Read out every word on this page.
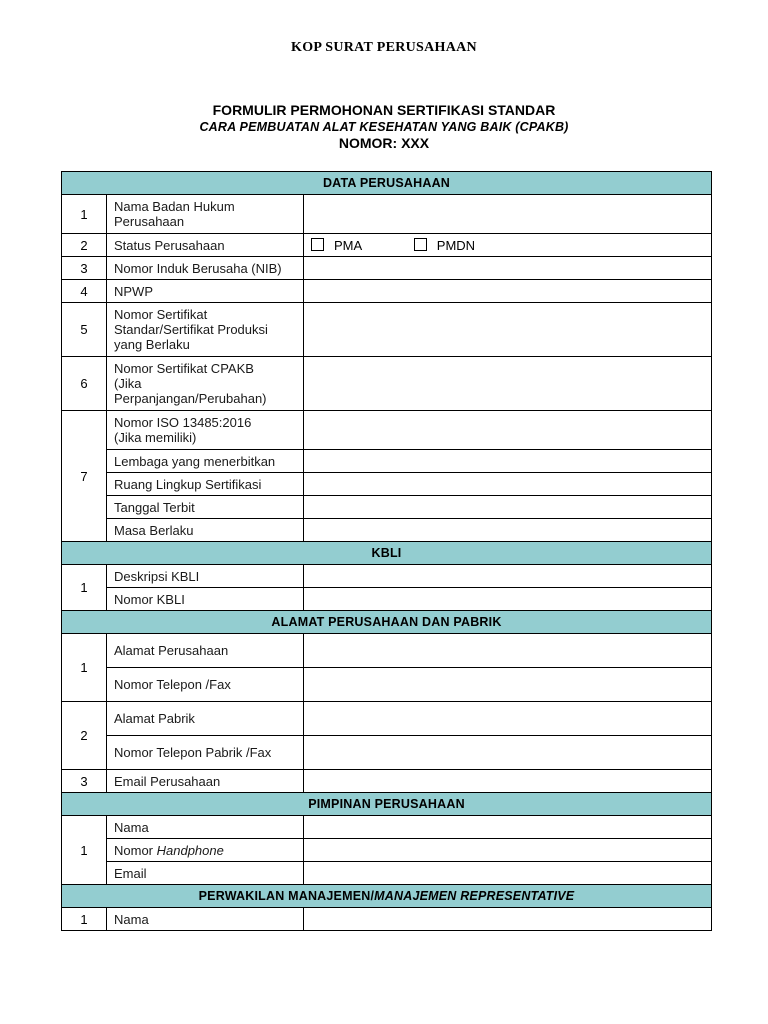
KOP SURAT PERUSAHAAN
FORMULIR PERMOHONAN SERTIFIKASI STANDAR
CARA PEMBUATAN ALAT KESEHATAN YANG BAIK (CPAKB)
NOMOR: XXX
DATA PERUSAHAAN		
1	Nama Badan Hukum
Perusahaan	
2	Status Perusahaan	PMA PMDN
3	Nomor Induk Berusaha (NIB)	
4	NPWP	
5	Nomor Sertifikat
Standar/Sertifikat Produksi
yang Berlaku	
6	Nomor Sertifikat CPAKB
(Jika
Perpanjangan/Perubahan)	
7	Nomor ISO 13485:2016
(Jika memiliki)	
	Lembaga yang menerbitkan	
	Ruang Lingkup Sertifikasi	
	Tanggal Terbit	
	Masa Berlaku	
KBLI		
1	Deskripsi KBLI	
	Nomor KBLI	
ALAMAT PERUSAHAAN DAN PABRIK		
1	Alamat Perusahaan	
	Nomor Telepon /Fax	
2	Alamat Pabrik	
	Nomor Telepon Pabrik /Fax	
3	Email Perusahaan	
PIMPINAN PERUSAHAAN		
1	Nama	
	Nomor Handphone	
	Email	
PERWAKILAN MANAJEMEN/MANAJEMEN REPRESENTATIVE		
1	Nama	
